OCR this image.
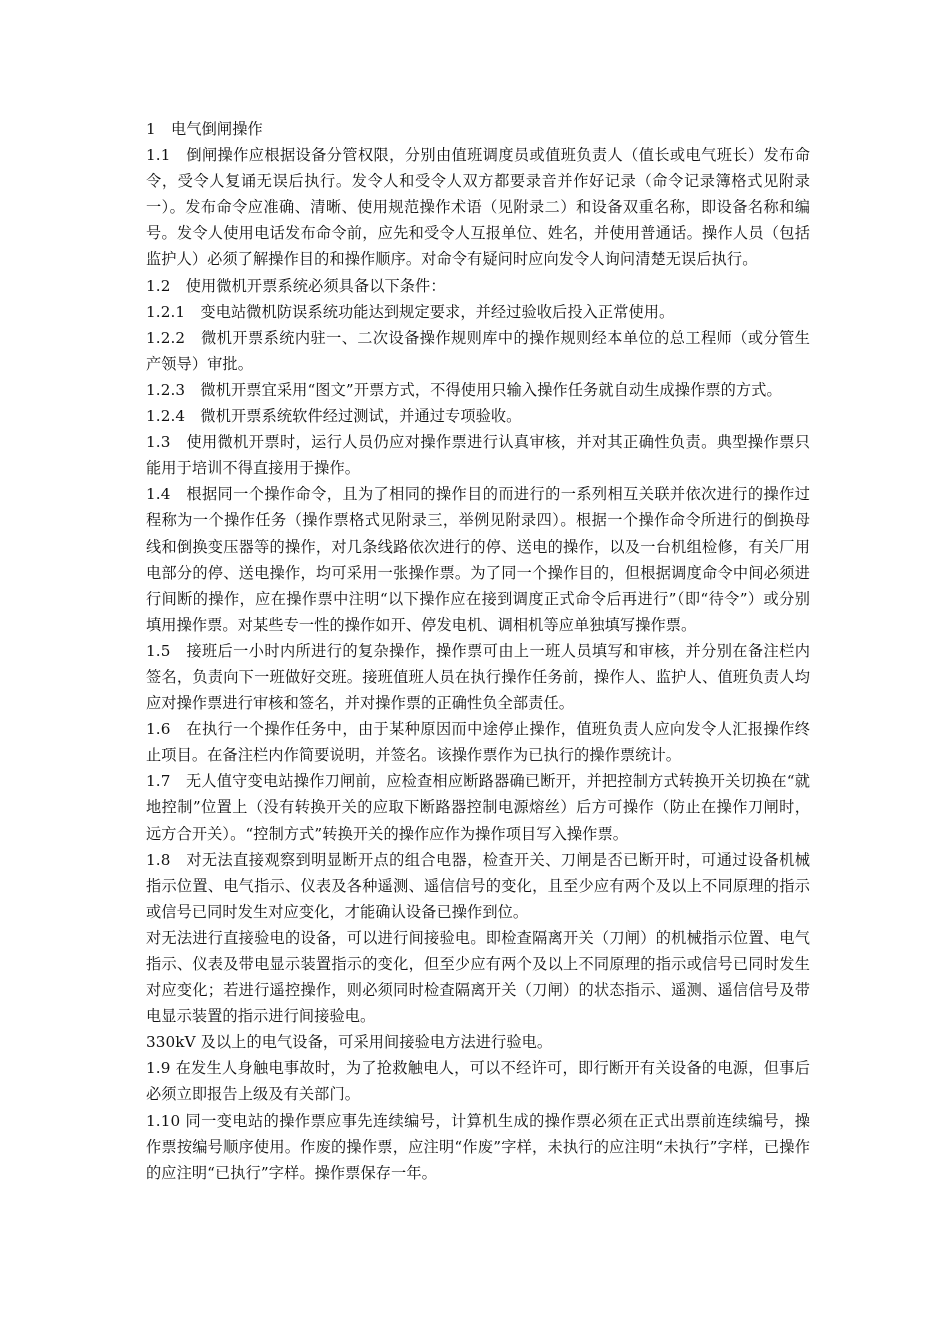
1　电气倒闸操作

1.1　倒闸操作应根据设备分管权限，分别由值班调度员或值班负责人（值长或电气班长）发布命令，受令人复诵无误后执行。发令人和受令人双方都要录音并作好记录（命令记录簿格式见附录一）。发布命令应准确、清晰、使用规范操作术语（见附录二）和设备双重名称，即设备名称和编号。发令人使用电话发布命令前，应先和受令人互报单位、姓名，并使用普通话。操作人员（包括监护人）必须了解操作目的和操作顺序。对命令有疑问时应向发令人询问清楚无误后执行。

1.2　使用微机开票系统必须具备以下条件：

1.2.1　变电站微机防误系统功能达到规定要求，并经过验收后投入正常使用。

1.2.2　微机开票系统内驻一、二次设备操作规则库中的操作规则经本单位的总工程师（或分管生产领导）审批。

1.2.3　微机开票宜采用“图文”开票方式，不得使用只输入操作任务就自动生成操作票的方式。

1.2.4　微机开票系统软件经过测试，并通过专项验收。

1.3　使用微机开票时，运行人员仍应对操作票进行认真审核，并对其正确性负责。典型操作票只能用于培训不得直接用于操作。

1.4　根据同一个操作命令，且为了相同的操作目的而进行的一系列相互关联并依次进行的操作过程称为一个操作任务（操作票格式见附录三，举例见附录四）。根据一个操作命令所进行的倒换母线和倒换变压器等的操作，对几条线路依次进行的停、送电的操作，以及一台机组检修，有关厂用电部分的停、送电操作，均可采用一张操作票。为了同一个操作目的，但根据调度命令中间必须进行间断的操作，应在操作票中注明“以下操作应在接到调度正式命令后再进行”（即“待令”）或分别填用操作票。对某些专一性的操作如开、停发电机、调相机等应单独填写操作票。

1.5　接班后一小时内所进行的复杂操作，操作票可由上一班人员填写和审核，并分别在备注栏内签名，负责向下一班做好交班。接班值班人员在执行操作任务前，操作人、监护人、值班负责人均应对操作票进行审核和签名，并对操作票的正确性负全部责任。

1.6　在执行一个操作任务中，由于某种原因而中途停止操作，值班负责人应向发令人汇报操作终止项目。在备注栏内作简要说明，并签名。该操作票作为已执行的操作票统计。

1.7　无人值守变电站操作刀闸前，应检查相应断路器确已断开，并把控制方式转换开关切换在“就地控制”位置上（没有转换开关的应取下断路器控制电源熔丝）后方可操作（防止在操作刀闸时，远方合开关）。“控制方式”转换开关的操作应作为操作项目写入操作票。

1.8　对无法直接观察到明显断开点的组合电器，检查开关、刀闸是否已断开时，可通过设备机械指示位置、电气指示、仪表及各种遥测、遥信信号的变化，且至少应有两个及以上不同原理的指示或信号已同时发生对应变化，才能确认设备已操作到位。

对无法进行直接验电的设备，可以进行间接验电。即检查隔离开关（刀闸）的机械指示位置、电气指示、仪表及带电显示装置指示的变化，但至少应有两个及以上不同原理的指示或信号已同时发生对应变化；若进行遥控操作，则必须同时检查隔离开关（刀闸）的状态指示、遥测、遥信信号及带电显示装置的指示进行间接验电。

330kV 及以上的电气设备，可采用间接验电方法进行验电。

1.9 在发生人身触电事故时，为了抢救触电人，可以不经许可，即行断开有关设备的电源，但事后必须立即报告上级及有关部门。

1.10 同一变电站的操作票应事先连续编号，计算机生成的操作票必须在正式出票前连续编号，操作票按编号顺序使用。作废的操作票，应注明“作废”字样，未执行的应注明“未执行”字样，已操作的应注明“已执行”字样。操作票保存一年。
